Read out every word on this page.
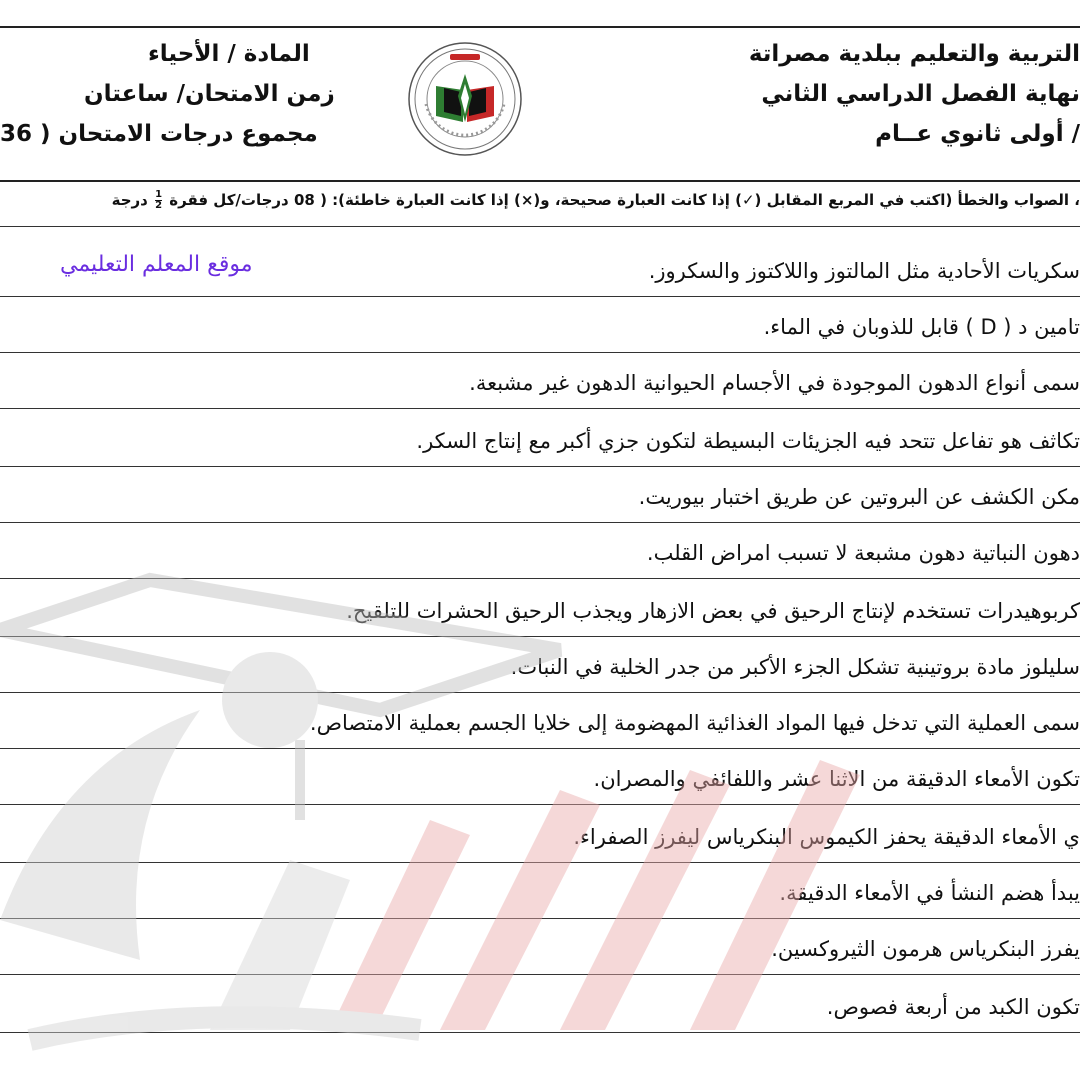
التربية والتعليم ببلدية مصراتة
نهاية الفصل الدراسي الثاني
/ أولى ثانوي عــام
المادة / الأحياء
زمن الامتحان/ ساعتان
مجموع درجات الامتحان ( 36
، الصواب والخطأ (اكتب في المربع المقابل (✓) إذا كانت العبارة صحيحة، و(×) إذا كانت العبارة خاطئة): ( 08 درجات/كل فقرة
$\frac{1}{2}$
درجة
موقع المعلم التعليمي	سكريات الأحادية مثل المالتوز واللاكتوز والسكروز.
تامين د ( D ) قابل للذوبان في الماء.
سمى أنواع الدهون الموجودة في الأجسام الحيوانية الدهون غير مشبعة.
تكاثف هو تفاعل تتحد فيه الجزيئات البسيطة لتكون جزي أكبر مع إنتاج السكر.
مكن الكشف عن البروتين عن طريق اختبار بيوريت.
دهون النباتية دهون مشبعة لا تسبب امراض القلب.
كربوهيدرات تستخدم لإنتاج الرحيق في بعض الازهار ويجذب الرحيق الحشرات للتلقيح.
سليلوز مادة بروتينية تشكل الجزء الأكبر من جدر الخلية في النبات.
سمى العملية التي تدخل فيها المواد الغذائية المهضومة إلى خلايا الجسم بعملية الامتصاص.
تكون الأمعاء الدقيقة من الاثنا عشر واللفائفي والمصران.
ي الأمعاء الدقيقة يحفز الكيموس البنكرياس ليفرز الصفراء.
يبدأ هضم النشأ في الأمعاء الدقيقة.
يفرز البنكرياس هرمون الثيروكسين.
تكون الكبد من أربعة فصوص.
